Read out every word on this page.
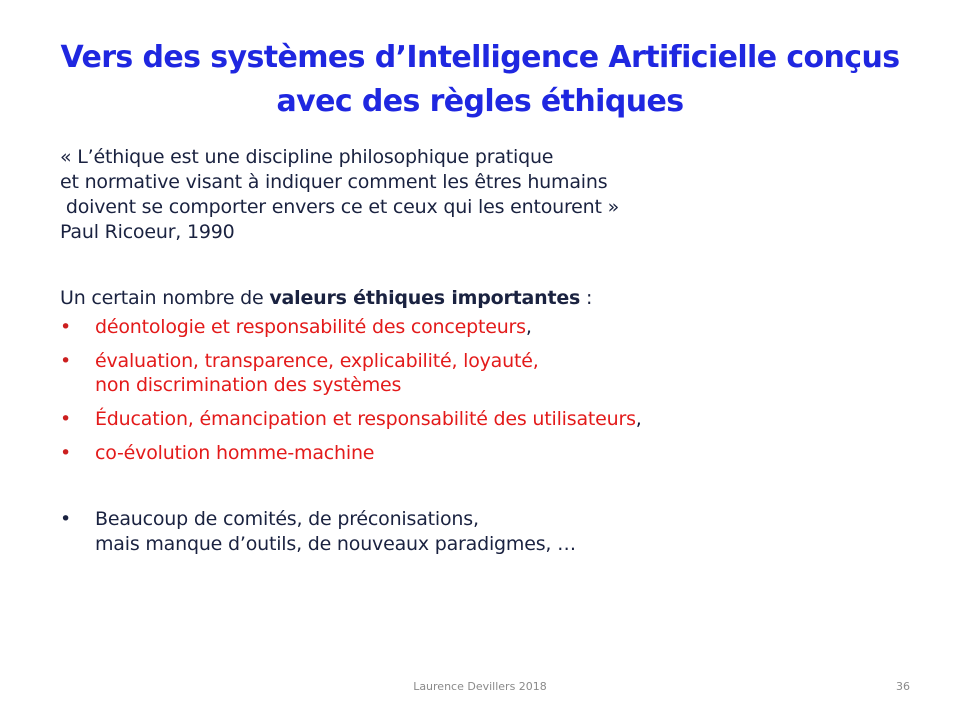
Vers des systèmes d’Intelligence Artificielle conçus
avec des règles éthiques
« L’éthique est une discipline philosophique pratique
et normative visant à indiquer comment les êtres humains
doivent se comporter envers ce et ceux qui les entourent »
Paul Ricoeur, 1990
Un certain nombre de valeurs éthiques importantes :
• déontologie et responsabilité des concepteurs,
• évaluation, transparence, explicabilité, loyauté,
non discrimination des systèmes
• Éducation, émancipation et responsabilité des utilisateurs,
• co-évolution homme-machine
• Beaucoup de comités, de préconisations,
mais manque d’outils, de nouveaux paradigmes, …
Laurence Devillers 2018	36
